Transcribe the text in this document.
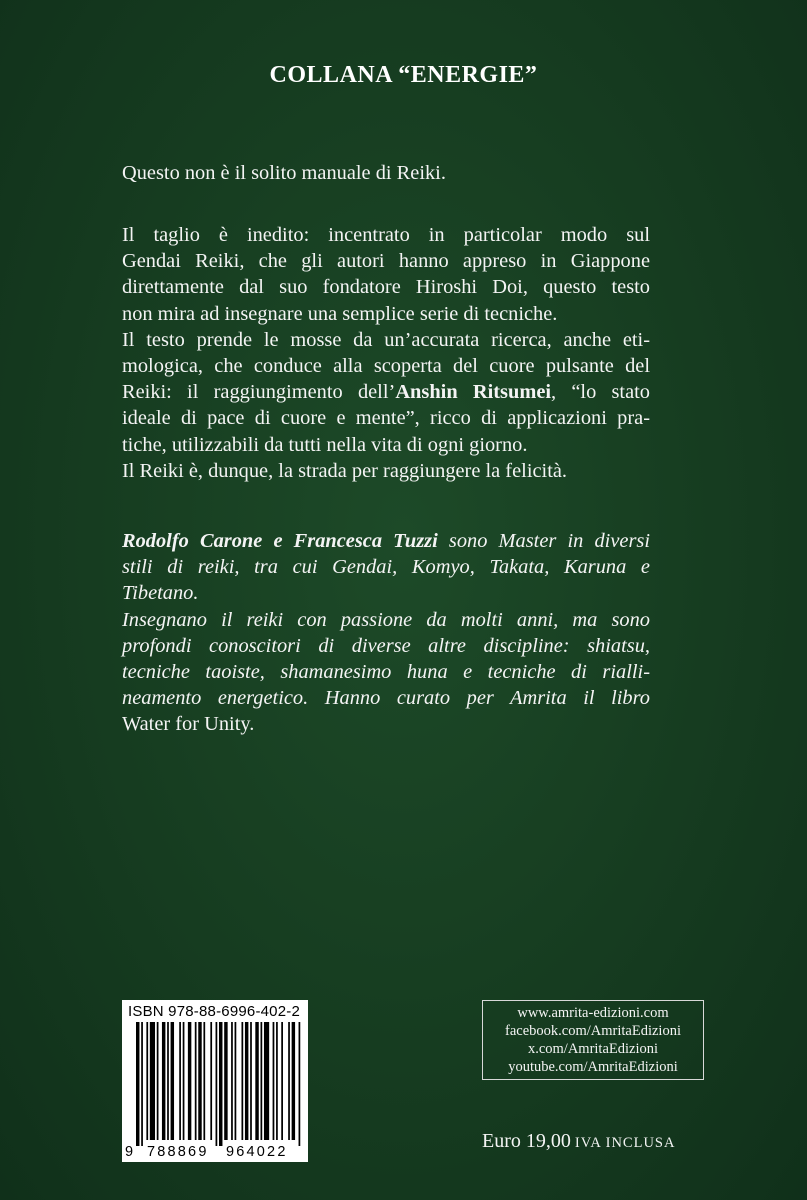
COLLANA “ENERGIE”
Questo non è il solito manuale di Reiki.
Il taglio è inedito: incentrato in particolar modo sul
Gendai Reiki, che gli autori hanno appreso in Giappone
direttamente dal suo fondatore Hiroshi Doi, questo testo
non mira ad insegnare una semplice serie di tecniche.
Il testo prende le mosse da un’accurata ricerca, anche eti-
mologica, che conduce alla scoperta del cuore pulsante del
Reiki: il raggiungimento dell’Anshin Ritsumei, “lo stato
ideale di pace di cuore e mente”, ricco di applicazioni pra-
tiche, utilizzabili da tutti nella vita di ogni giorno.
Il Reiki è, dunque, la strada per raggiungere la felicità.
Rodolfo Carone e Francesca Tuzzi sono Master in diversi
stili di reiki, tra cui Gendai, Komyo, Takata, Karuna e
Tibetano.
Insegnano il reiki con passione da molti anni, ma sono
profondi conoscitori di diverse altre discipline: shiatsu,
tecniche taoiste, shamanesimo huna e tecniche di rialli-
neamento energetico. Hanno curato per Amrita il libro
Water for Unity.
ISBN 978-88-6996-402-2
9 788869 964022
www.amrita-edizioni.com
facebook.com/AmritaEdizioni
x.com/AmritaEdizioni
youtube.com/AmritaEdizioni
Euro 19,00 IVA INCLUSA
